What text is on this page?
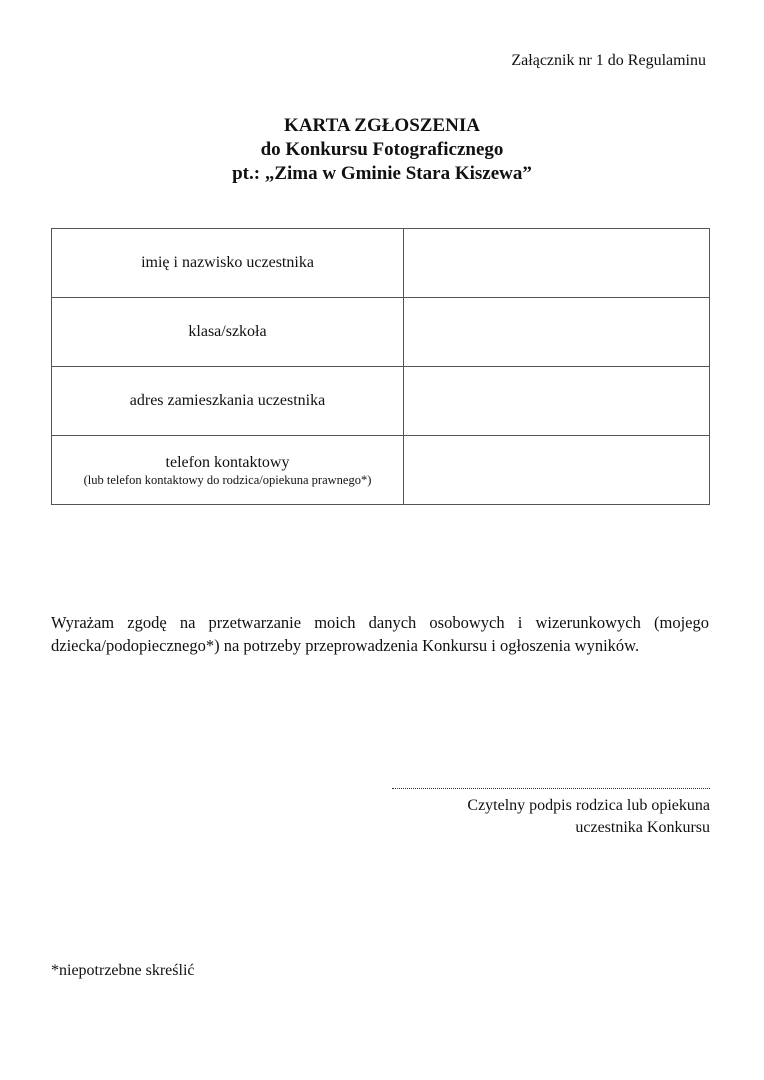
Załącznik nr 1 do Regulaminu
KARTA ZGŁOSZENIA
do Konkursu Fotograficznego
pt.: „Zima w Gminie Stara Kiszewa”
imię i nazwisko uczestnika	
klasa/szkoła	
adres zamieszkania uczestnika	
telefon kontaktowy
(lub telefon kontaktowy do rodzica/opiekuna prawnego*)	

Wyrażam zgodę na przetwarzanie moich danych osobowych i wizerunkowych (mojego dziecka/podopiecznego*) na potrzeby przeprowadzenia Konkursu i ogłoszenia wyników.
Czytelny podpis rodzica lub opiekuna
uczestnika Konkursu
*niepotrzebne skreślić
